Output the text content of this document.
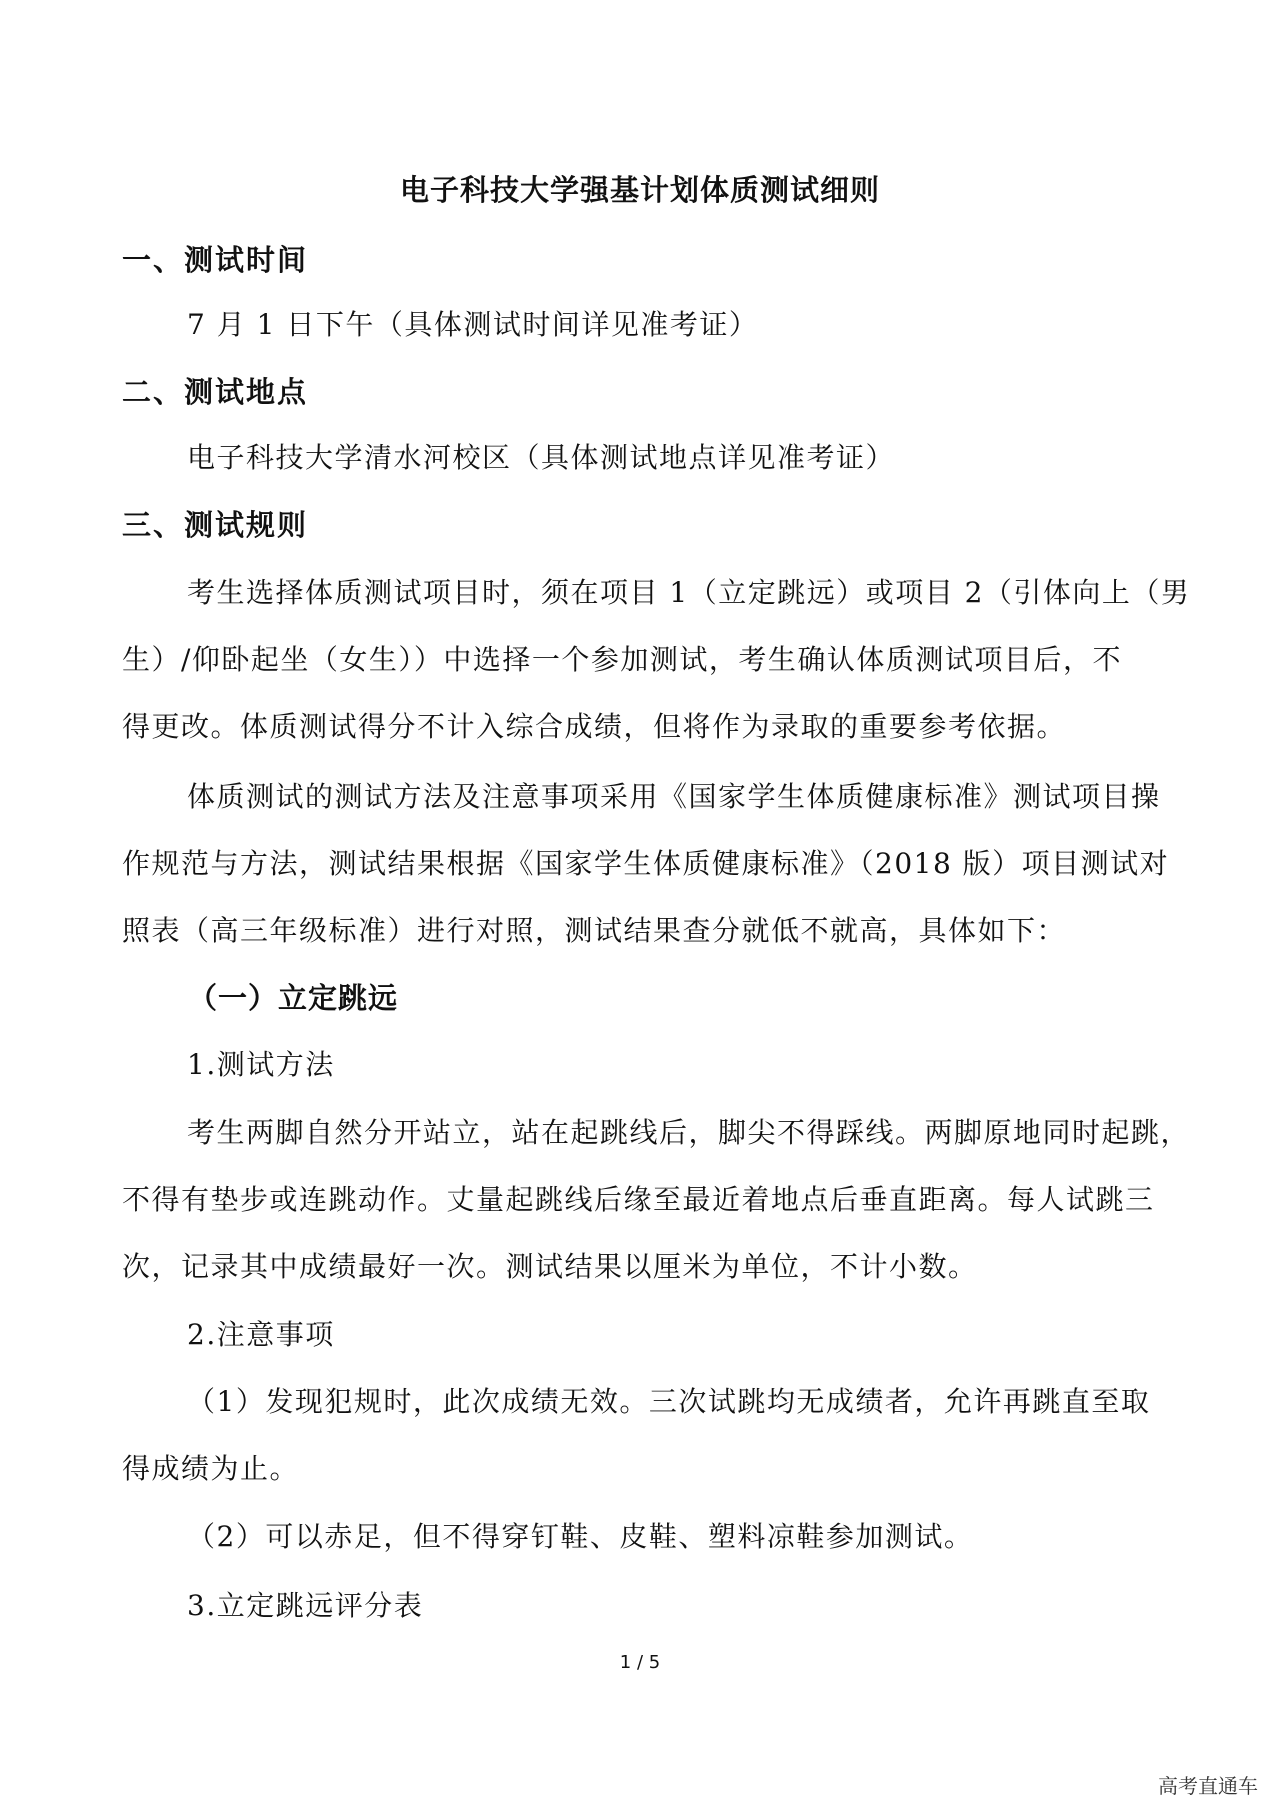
电子科技大学强基计划体质测试细则
一、测试时间
7 月 1 日下午（具体测试时间详见准考证）
二、测试地点
电子科技大学清水河校区（具体测试地点详见准考证）
三、测试规则
考生选择体质测试项目时，须在项目 1（立定跳远）或项目 2（引体向上（男
生）/仰卧起坐（女生））中选择一个参加测试，考生确认体质测试项目后，不
得更改。体质测试得分不计入综合成绩，但将作为录取的重要参考依据。
体质测试的测试方法及注意事项采用《国家学生体质健康标准》测试项目操
作规范与方法，测试结果根据《国家学生体质健康标准》（2018 版）项目测试对
照表（高三年级标准）进行对照，测试结果查分就低不就高，具体如下：
（一）立定跳远
1.测试方法
考生两脚自然分开站立，站在起跳线后，脚尖不得踩线。两脚原地同时起跳，
不得有垫步或连跳动作。丈量起跳线后缘至最近着地点后垂直距离。每人试跳三
次，记录其中成绩最好一次。测试结果以厘米为单位，不计小数。
2.注意事项
（1）发现犯规时，此次成绩无效。三次试跳均无成绩者，允许再跳直至取
得成绩为止。
（2）可以赤足，但不得穿钉鞋、皮鞋、塑料凉鞋参加测试。
3.立定跳远评分表
1 / 5
高考直通车
